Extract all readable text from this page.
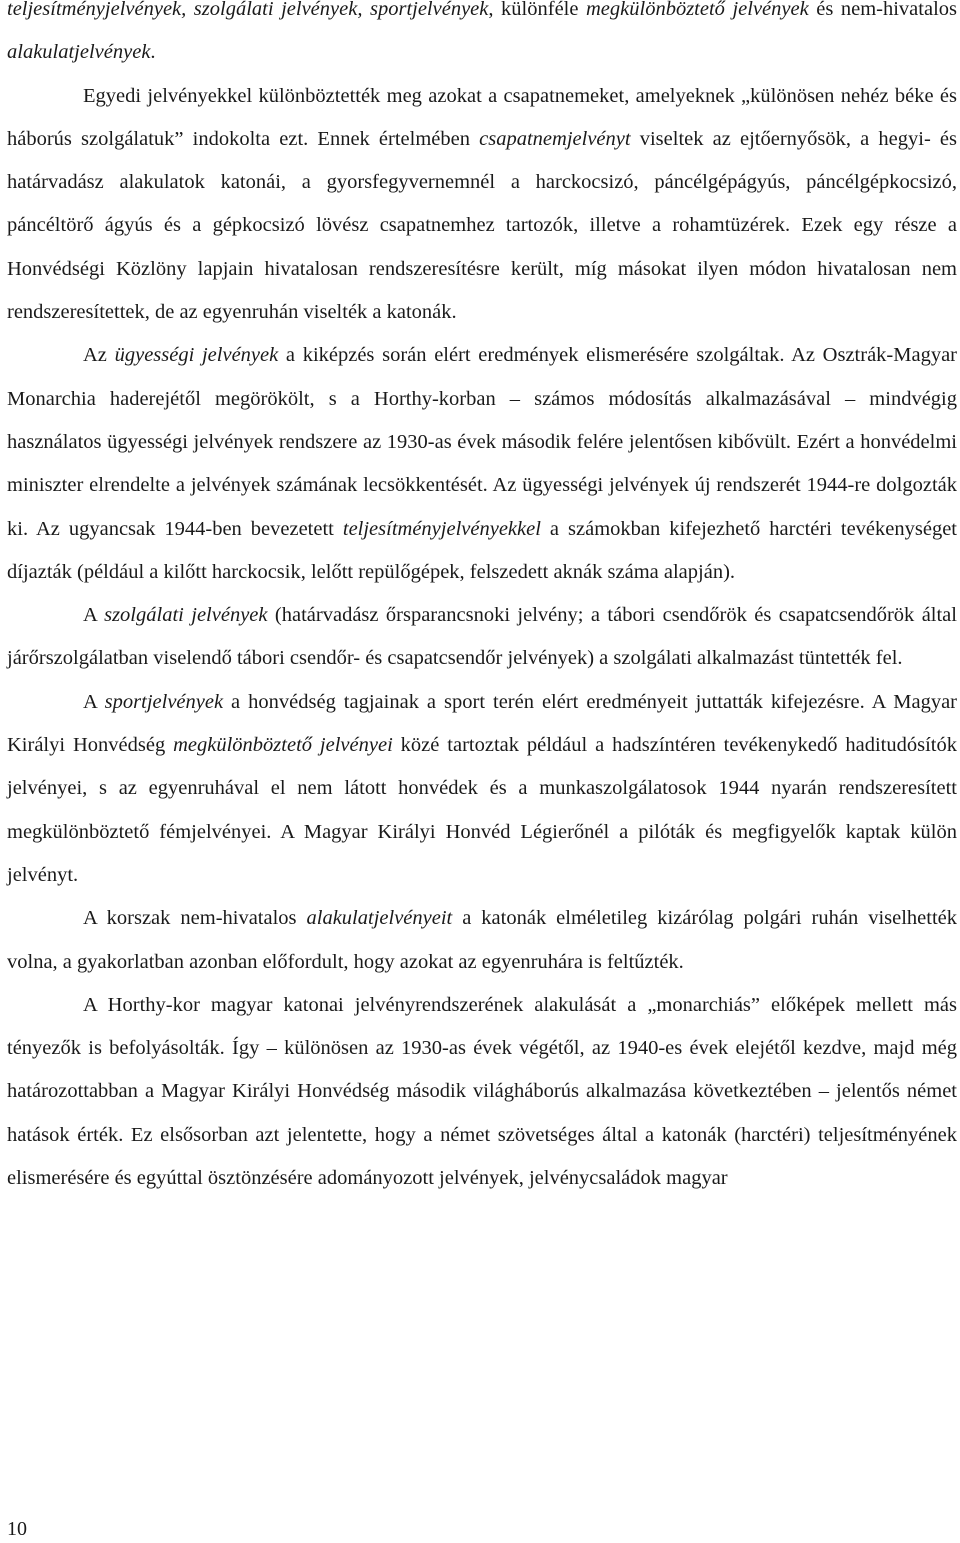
teljesítményjelvények, szolgálati jelvények, sportjelvények, különféle megkülönböztető jelvények és nem-hivatalos alakulatjelvények.

Egyedi jelvényekkel különböztették meg azokat a csapatnemeket, amelyeknek „különösen nehéz béke és háborús szolgálatuk” indokolta ezt. Ennek értelmében csapatnemjelvényt viseltek az ejtőernyősök, a hegyi- és határvadász alakulatok katonái, a gyorsfegyvernemnél a harckocsizó, páncélgépágyús, páncélgépkocsizó, páncéltörő ágyús és a gépkocsizó lövész csapatnemhez tartozók, illetve a rohamtüzérek. Ezek egy része a Honvédségi Közlöny lapjain hivatalosan rendszeresítésre került, míg másokat ilyen módon hivatalosan nem rendszeresítettek, de az egyenruhán viselték a katonák.

Az ügyességi jelvények a kiképzés során elért eredmények elismerésére szolgáltak. Az Osztrák-Magyar Monarchia haderejétől megörökölt, s a Horthy-korban – számos módosítás alkalmazásával – mindvégig használatos ügyességi jelvények rendszere az 1930-as évek második felére jelentősen kibővült. Ezért a honvédelmi miniszter elrendelte a jelvények számának lecsökkentését. Az ügyességi jelvények új rendszerét 1944-re dolgozták ki. Az ugyancsak 1944-ben bevezetett teljesítményjelvényekkel a számokban kifejezhető harctéri tevékenységet díjazták (például a kilőtt harckocsik, lelőtt repülőgépek, felszedett aknák száma alapján).

A szolgálati jelvények (határvadász őrsparancsnoki jelvény; a tábori csendőrök és csapatcsendőrök által járőrszolgálatban viselendő tábori csendőr- és csapatcsendőr jelvények) a szolgálati alkalmazást tüntették fel.

A sportjelvények a honvédség tagjainak a sport terén elért eredményeit juttatták kifejezésre. A Magyar Királyi Honvédség megkülönböztető jelvényei közé tartoztak például a hadszíntéren tevékenykedő haditudósítók jelvényei, s az egyenruhával el nem látott honvédek és a munkaszolgálatosok 1944 nyarán rendszeresített megkülönböztető fémjelvényei. A Magyar Királyi Honvéd Légierőnél a pilóták és megfigyelők kaptak külön jelvényt.

A korszak nem-hivatalos alakulatjelvényeit a katonák elméletileg kizárólag polgári ruhán viselhették volna, a gyakorlatban azonban előfordult, hogy azokat az egyenruhára is feltűzték.

A Horthy-kor magyar katonai jelvényrendszerének alakulását a „monarchiás” előképek mellett más tényezők is befolyásolták. Így – különösen az 1930-as évek végétől, az 1940-es évek elejétől kezdve, majd még határozottabban a Magyar Királyi Honvédség második világháborús alkalmazása következtében – jelentős német hatások érték. Ez elsősorban azt jelentette, hogy a német szövetséges által a katonák (harctéri) teljesítményének elismerésére és egyúttal ösztönzésére adományozott jelvények, jelvénycsaládok magyar

10
